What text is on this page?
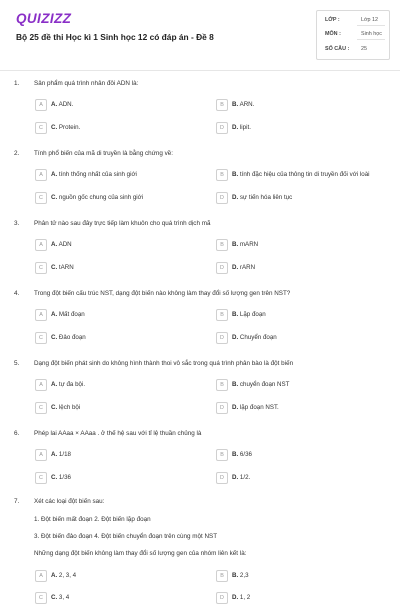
QUIZIZZ
Bộ 25 đề thi Học kì 1 Sinh học 12 có đáp án - Đề 8
LỚP :	Lớp 12
MÔN :	Sinh học
SỐ CÂU : 25
1. Sản phẩm quá trình nhân đôi ADN là:
A	A. ADN.	B	B. ARN.
C	C. Protein.	D	D. lipit.
2. Tính phổ biến của mã di truyền là bằng chứng về:
A	A. tính thống nhất của sinh giới	B	B. tính đặc hiệu của thông tin di truyền đối với loài
C	C. nguồn gốc chung của sinh giới	D	D. sự tiến hóa liên tục
3. Phân tử nào sau đây trực tiếp làm khuôn cho quá trình dịch mã
A	A. ADN	B	B. mARN
C	C. tARN	D	D. rARN
4. Trong đột biến cấu trúc NST, dạng đột biến nào không làm thay đổi số lượng gen trên NST?
A	A. Mất đoạn	B	B. Lặp đoạn
C	C. Đảo đoạn	D	D. Chuyển đoạn
5. Dạng đột biến phát sinh do không hình thành thoi vô sắc trong quá trình phân bào là đột biến
A	A. tự đa bội.	B	B. chuyển đoạn NST
C	C. lệch bội	D	D. lặp đoạn NST.
6. Phép lai AAaa × AAaa . ở thế hệ sau với tỉ lệ thuần chủng là
A	A. 1/18	B	B. 6/36
C	C. 1/36	D	D. 1/2.
7. Xét các loại đột biến sau:
1. Đột biến mất đoạn 2. Đột biến lặp đoạn
3. Đột biến đảo đoạn 4. Đột biến chuyển đoạn trên cùng một NST
Những dạng đột biến không làm thay đổi số lượng gen của nhóm liên kết là:
A	A. 2, 3, 4	B	B. 2,3
C	C. 3, 4	D	D. 1, 2
